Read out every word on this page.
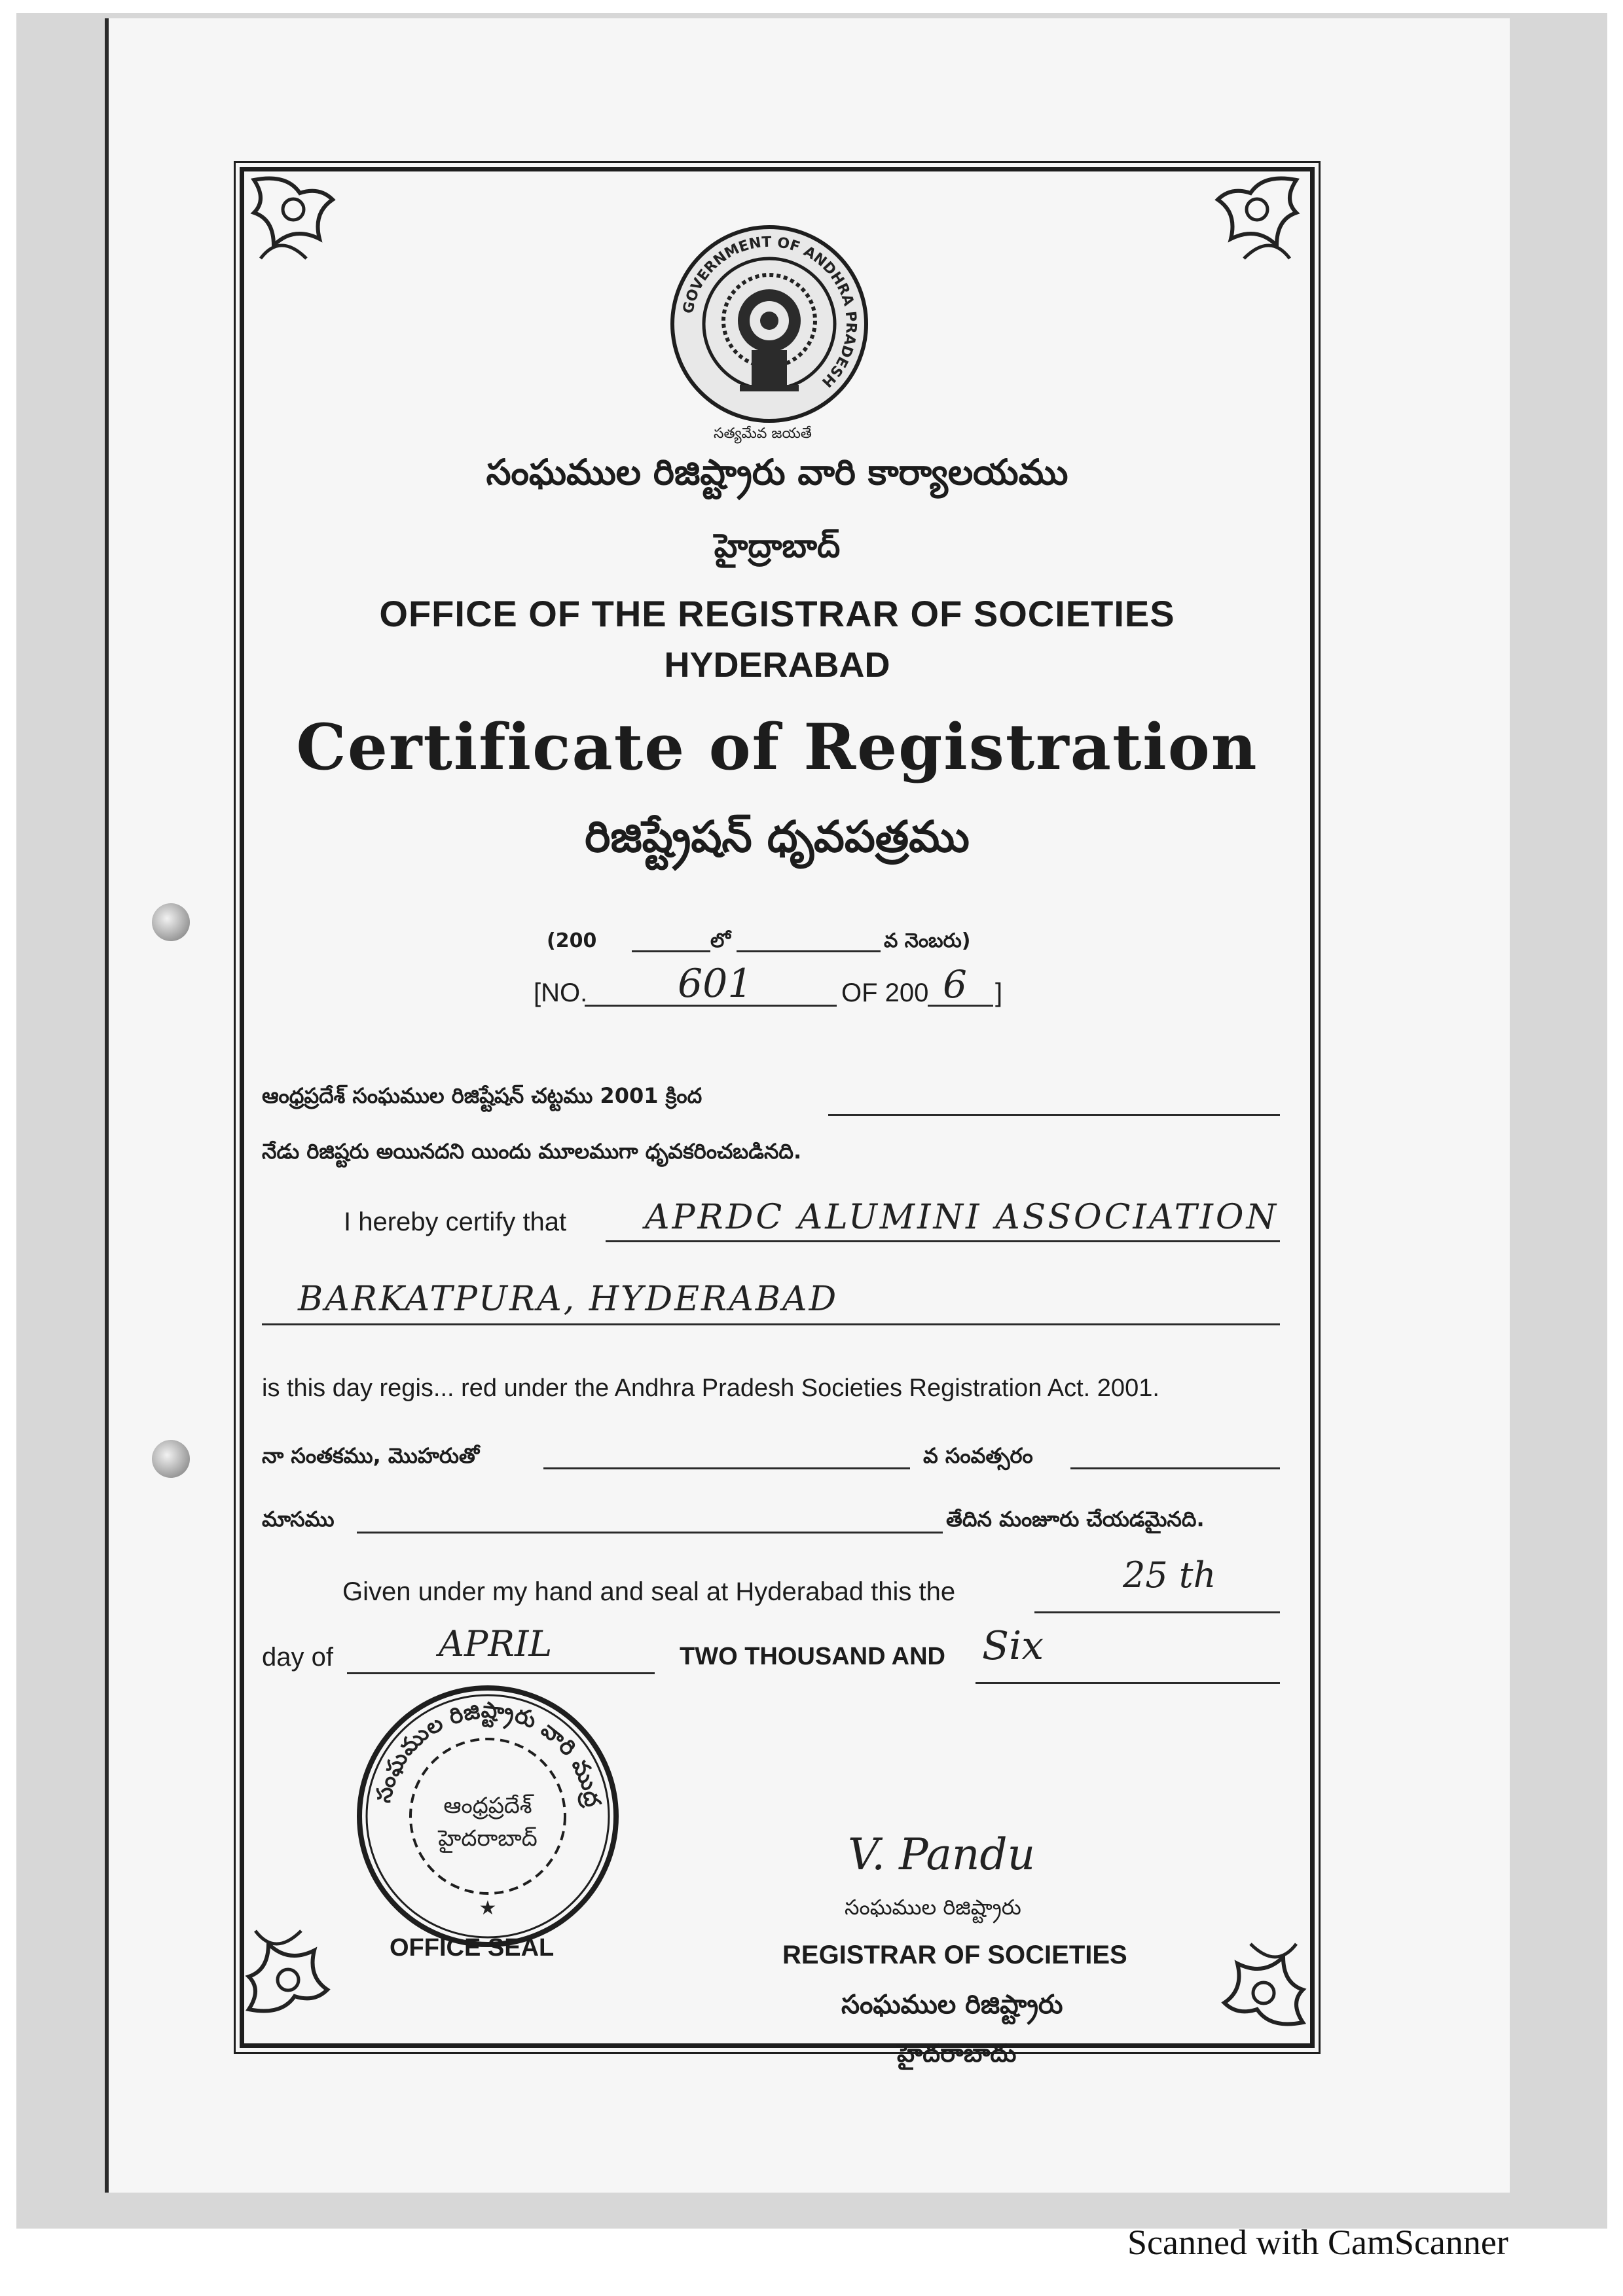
GOVERNMENT OF ANDHRA PRADESH
సత్యమేవ జయతే
సంఘముల రిజిష్ట్రారు వారి కార్యాలయము
హైద్రాబాద్
OFFICE OF THE REGISTRAR OF SOCIETIES
HYDERABAD
Certificate of Registration
రిజిష్ట్రేషన్ ధృవపత్రము
(200	లో	వ నెంబరు)
[NO. 601	OF 200 6 ]
ఆంధ్రప్రదేశ్ సంఘముల రిజిష్టేషన్ చట్టము 2001 క్రింద
నేడు రిజిష్టరు అయినదని యిందు మూలముగా ధృవకరించబడినది.
I hereby certify that APRDC ALUMINI ASSOCIATION
BARKATPURA, HYDERABAD
is this day regis... red under the Andhra Pradesh Societies Registration Act. 2001.
నా సంతకము, మొహరుతో	వ సంవత్సరం
మాసము	తేదిన మంజూరు చేయడమైనది.
Given under my hand and seal at Hyderabad this the	25 th
day of	APRIL	TWO THOUSAND AND Six
సంఘముల రిజిష్ట్రారు వారి ముద్ర
ఆంధ్రప్రదేశ్
హైదరాబాద్
★
OFFICE SEAL
V. Pandu
సంఘముల రిజిష్ట్రారు
REGISTRAR OF SOCIETIES
సంఘముల రిజిష్ట్రారు
హైదరాబాదు
Scanned with CamScanner
